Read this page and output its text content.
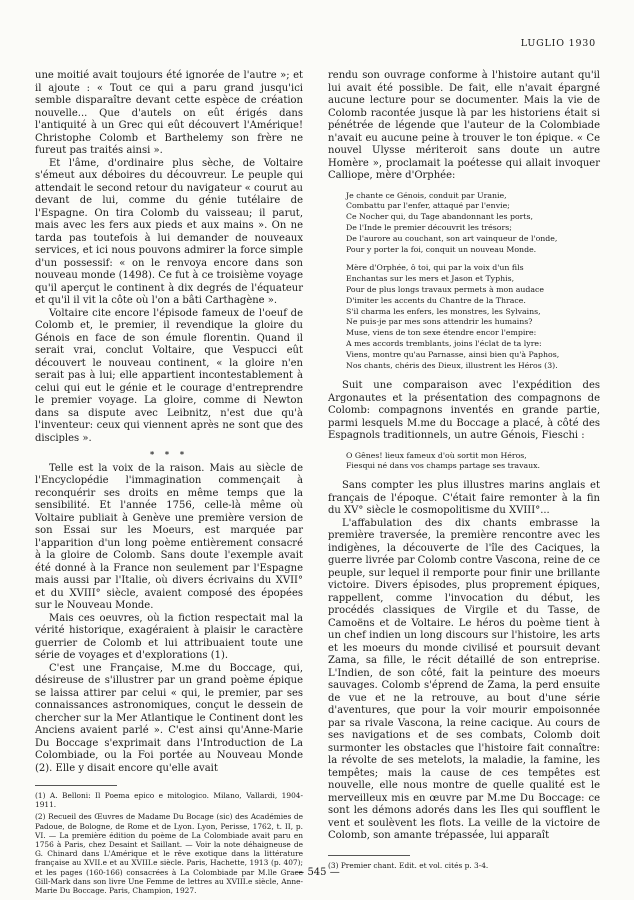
LUGLIO 1930

une moitié avait toujours été ignorée de l'autre »; et il ajoute : « Tout ce qui a paru grand jusqu'ici semble disparaître devant cette espèce de création nouvelle... Que d'autels on eût érigés dans l'antiquité à un Grec qui eût découvert l'Amérique! Christophe Colomb et Barthelemy son frère ne fureut pas traités ainsi ».

Et l'âme, d'ordinaire plus sèche, de Voltaire s'émeut aux déboires du découvreur. Le peuple qui attendait le second retour du navigateur « courut au devant de lui, comme du génie tutélaire de l'Espagne. On tira Colomb du vaisseau; il parut, mais avec les fers aux pieds et aux mains ». On ne tarda pas toutefois à lui demander de nouveaux services, et ici nous pouvons admirer la force simple d'un possessif: « on le renvoya encore dans son nouveau monde (1498). Ce fut à ce troisième voyage qu'il aperçut le continent à dix degrés de l'équateur et qu'il il vit la côte où l'on a bâti Carthagène ».

Voltaire cite encore l'épisode fameux de l'oeuf de Colomb et, le premier, il revendique la gloire du Génois en face de son émule florentin. Quand il serait vrai, conclut Voltaire, que Vespucci eût découvert le nouveau continent, « la gloire n'en serait pas à lui; elle appartient incontestablement à celui qui eut le génie et le courage d'entreprendre le premier voyage. La gloire, comme di Newton dans sa dispute avec Leibnitz, n'est due qu'à l'inventeur: ceux qui viennent après ne sont que des disciples ».

* * *

Telle est la voix de la raison. Mais au siècle de l'Encyclopédie l'immagination commençait à reconquérir ses droits en même temps que la sensibilité. Et l'année 1756, celle-là même où Voltaire publiait à Genève une première version de son Essai sur les Moeurs, est marquée par l'apparition d'un long poème entièrement consacré à la gloire de Colomb. Sans doute l'exemple avait été donné à la France non seulement par l'Espagne mais aussi par l'Italie, où divers écrivains du XVII° et du XVIII° siècle, avaient composé des épopées sur le Nouveau Monde.

Mais ces oeuvres, où la fiction respectait mal la vérité historique, exagéraient à plaisir le caractère guerrier de Colomb et lui attribuaient toute une série de voyages et d'explorations (1).

C'est une Française, M.me du Boccage, qui, désireuse de s'illustrer par un grand poème épique se laissa attirer par celui « qui, le premier, par ses connaissances astronomiques, conçut le dessein de chercher sur la Mer Atlantique le Continent dont les Anciens avaient parlé ». C'est ainsi qu'Anne-Marie Du Boccage s'exprimait dans l'Introduction de La Colombiade, ou la Foi portée au Nouveau Monde (2). Elle y disait encore qu'elle avait

(1) A. Belloni: Il Poema epico e mitologico. Milano, Vallardi, 1904-1911.

(2) Recueil des Œuvres de Madame Du Bocage (sic) des Académies de Padoue, de Bologne, de Rome et de Lyon. Lyon, Perisse, 1762, t. II, p. VI. — La première édition du poème de La Colombiade avait paru en 1756 à Paris, chez Desaint et Saillant. — Voir la note déhaigneuse de G. Chinard dans L'Amérique et le rêve exotique dans la littérature française au XVII.e et au XVIII.e siècle. Paris, Hachette, 1913 (p. 407); et les pages (160-166) consacrées à La Colombiade par M.lle Grace Gill-Mark dans son livre Une Femme de lettres au XVIII.e siècle, Anne-Marie Du Boccage. Paris, Champion, 1927.

rendu son ouvrage conforme à l'histoire autant qu'il lui avait été possible. De fait, elle n'avait épargné aucune lecture pour se documenter. Mais la vie de Colomb racontée jusque là par les historiens était si pénétrée de légende que l'auteur de la Colombiade n'avait eu aucune peine à trouver le ton épique. « Ce nouvel Ulysse mériteroit sans doute un autre Homère », proclamait la poétesse qui allait invoquer Calliope, mère d'Orphée:

Je chante ce Génois, conduit par Uranie,
Combattu par l'enfer, attaqué par l'envie;
Ce Nocher qui, du Tage abandonnant les ports,
De l'Inde le premier découvrit les trésors;
De l'aurore au couchant, son art vainqueur de l'onde,
Pour y porter la foi, conquit un nouveau Monde.
Mère d'Orphée, ô toi, qui par la voix d'un fils
Enchantas sur les mers et Jason et Typhis,
Pour de plus longs travaux permets à mon audace
D'imiter les accents du Chantre de la Thrace.
S'il charma les enfers, les monstres, les Sylvains,
Ne puis-je par mes sons attendrir les humains?
Muse, viens de ton sexe étendre encor l'empire:
A mes accords tremblants, joins l'éclat de ta lyre:
Viens, montre qu'au Parnasse, ainsi bien qu'à Paphos,
Nos chants, chéris des Dieux, illustrent les Héros (3).

Suit une comparaison avec l'expédition des Argonautes et la présentation des compagnons de Colomb: compagnons inventés en grande partie, parmi lesquels M.me du Boccage a placé, à côté des Espagnols traditionnels, un autre Génois, Fieschi :

O Gênes! lieux fameux d'où sortit mon Héros,
Fiesqui né dans vos champs partage ses travaux.

Sans compter les plus illustres marins anglais et français de l'époque. C'était faire remonter à la fin du XV° siècle le cosmopolitisme du XVIII°...

L'affabulation des dix chants embrasse la première traversée, la première rencontre avec les indigènes, la découverte de l'île des Caciques, la guerre livrée par Colomb contre Vascona, reine de ce peuple, sur lequel il remporte pour finir une brillante victoire. Divers épisodes, plus proprement épiques, rappellent, comme l'invocation du début, les procédés classiques de Virgile et du Tasse, de Camoëns et de Voltaire. Le héros du poème tient à un chef indien un long discours sur l'histoire, les arts et les moeurs du monde civilisé et poursuit devant Zama, sa fille, le récit détaillé de son entreprise. L'Indien, de son côté, fait la peinture des moeurs sauvages. Colomb s'éprend de Zama, la perd ensuite de vue et ne la retrouve, au bout d'une série d'aventures, que pour la voir mourir empoisonnée par sa rivale Vascona, la reine cacique. Au cours de ses navigations et de ses combats, Colomb doit surmonter les obstacles que l'histoire fait connaître: la révolte de ses metelots, la maladie, la famine, les tempêtes; mais la cause de ces tempêtes est nouvelle, elle nous montre de quelle qualité est le merveilleux mis en œuvre par M.me Du Boccage: ce sont les démons adorés dans les Iles qui soufflent le vent et soulèvent les flots. La veille de la victoire de Colomb, son amante trépassée, lui apparaît

(3) Premier chant. Edit. et vol. cités p. 3-4.

— 545 —
